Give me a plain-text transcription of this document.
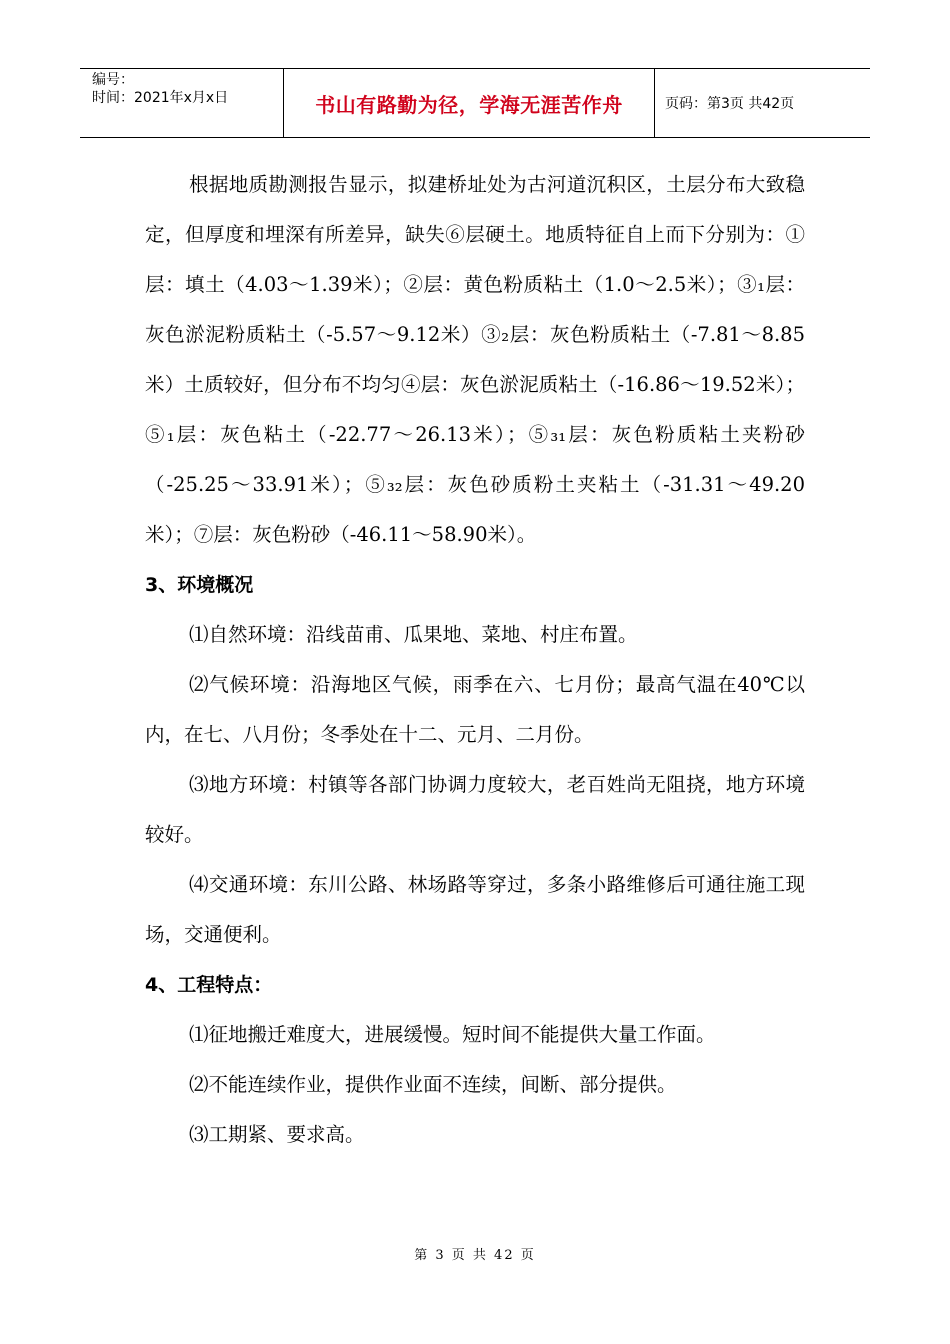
编号：
时间：2021年x月x日	书山有路勤为径，学海无涯苦作舟	页码：第3页 共42页

根据地质勘测报告显示，拟建桥址处为古河道沉积区，土层分布大致稳定，但厚度和埋深有所差异，缺失⑥层硬土。地质特征自上而下分别为：①层：填土（4.03～1.39米）；②层：黄色粉质粘土（1.0～2.5米）；③₁层：灰色淤泥粉质粘土（-5.57～9.12米）③₂层：灰色粉质粘土（-7.81～8.85米）土质较好，但分布不均匀④层：灰色淤泥质粘土（-16.86～19.52米）；⑤₁层：灰色粘土（-22.77～26.13米）；⑤₃₁层：灰色粉质粘土夹粉砂（-25.25～33.91米）；⑤₃₂层：灰色砂质粉土夹粘土（-31.31～49.20米）；⑦层：灰色粉砂（-46.11～58.90米）。

3、环境概况

⑴自然环境：沿线苗甫、瓜果地、菜地、村庄布置。

⑵气候环境：沿海地区气候，雨季在六、七月份；最高气温在40℃以内，在七、八月份；冬季处在十二、元月、二月份。

⑶地方环境：村镇等各部门协调力度较大，老百姓尚无阻挠，地方环境较好。

⑷交通环境：东川公路、林场路等穿过，多条小路维修后可通往施工现场，交通便利。

4、工程特点：

⑴征地搬迁难度大，进展缓慢。短时间不能提供大量工作面。

⑵不能连续作业，提供作业面不连续，间断、部分提供。

⑶工期紧、要求高。

第 3 页 共 42 页
